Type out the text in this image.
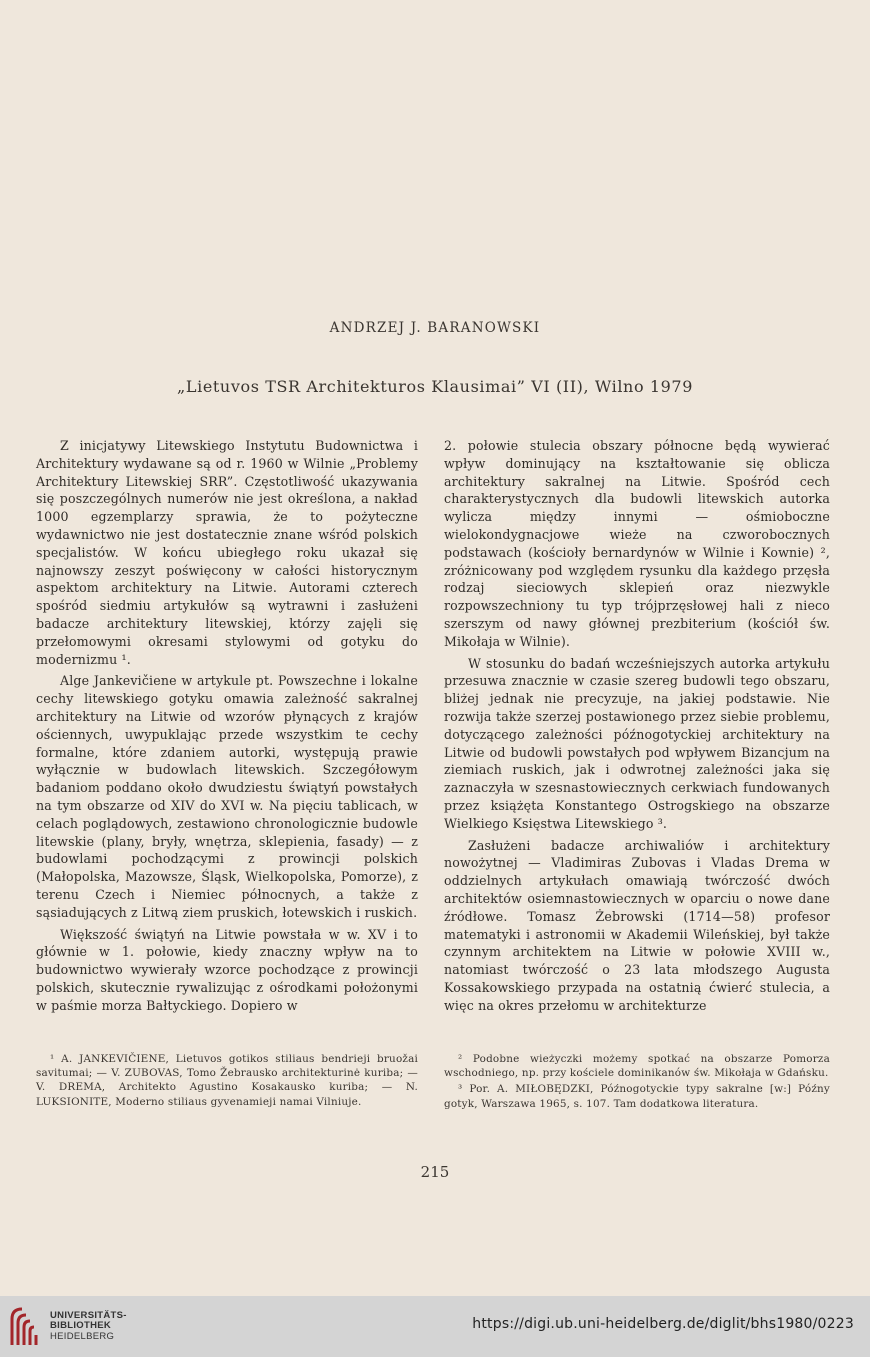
ANDRZEJ J. BARANOWSKI
„Lietuvos TSR Architekturos Klausimai” VI (II), Wilno 1979

Z inicjatywy Litewskiego Instytutu Budownictwa i Architektury wydawane są od r. 1960 w Wilnie „Problemy Architektury Litewskiej SRR”. Częstotliwość ukazywania się poszczególnych numerów nie jest określona, a nakład 1000 egzemplarzy sprawia, że to pożyteczne wydawnictwo nie jest dostatecznie znane wśród polskich specjalistów. W końcu ubiegłego roku ukazał się najnowszy zeszyt poświęcony w całości historycznym aspektom architektury na Litwie. Autorami czterech spośród siedmiu artykułów są wytrawni i zasłużeni badacze architektury litewskiej, którzy zajęli się przełomowymi okresami stylowymi od gotyku do modernizmu ¹.

Alge Jankevičiene w artykule pt. Powszechne i lokalne cechy litewskiego gotyku omawia zależność sakralnej architektury na Litwie od wzorów płynących z krajów ościennych, uwypuklając przede wszystkim te cechy formalne, które zdaniem autorki, występują prawie wyłącznie w budowlach litewskich. Szczegółowym badaniom poddano około dwudziestu świątyń powstałych na tym obszarze od XIV do XVI w. Na pięciu tablicach, w celach poglądowych, zestawiono chronologicznie budowle litewskie (plany, bryły, wnętrza, sklepienia, fasady) — z budowlami pochodzącymi z prowincji polskich (Małopolska, Mazowsze, Śląsk, Wielkopolska, Pomorze), z terenu Czech i Niemiec północnych, a także z sąsiadujących z Litwą ziem pruskich, łotewskich i ruskich.

Większość świątyń na Litwie powstała w w. XV i to głównie w 1. połowie, kiedy znaczny wpływ na to budownictwo wywierały wzorce pochodzące z prowincji polskich, skutecznie rywalizując z ośrodkami położonymi w paśmie morza Bałtyckiego. Dopiero w

2. połowie stulecia obszary północne będą wywierać wpływ dominujący na kształtowanie się oblicza architektury sakralnej na Litwie. Spośród cech charakterystycznych dla budowli litewskich autorka wylicza między innymi — ośmioboczne wielokondygnacjowe wieże na czworobocznych podstawach (kościoły bernardynów w Wilnie i Kownie) ², zróżnicowany pod względem rysunku dla każdego przęsła rodzaj sieciowych sklepień oraz niezwykle rozpowszechniony tu typ trójprzęsłowej hali z nieco szerszym od nawy głównej prezbiterium (kościół św. Mikołaja w Wilnie).

W stosunku do badań wcześniejszych autorka artykułu przesuwa znacznie w czasie szereg budowli tego obszaru, bliżej jednak nie precyzuje, na jakiej podstawie. Nie rozwija także szerzej postawionego przez siebie problemu, dotyczącego zależności późnogotyckiej architektury na Litwie od budowli powstałych pod wpływem Bizancjum na ziemiach ruskich, jak i odwrotnej zależności jaka się zaznaczyła w szesnastowiecznych cerkwiach fundowanych przez książęta Konstantego Ostrogskiego na obszarze Wielkiego Księstwa Litewskiego ³.

Zasłużeni badacze archiwaliów i architektury nowożytnej — Vladimiras Zubovas i Vladas Drema w oddzielnych artykułach omawiają twórczość dwóch architektów osiemnastowiecznych w oparciu o nowe dane źródłowe. Tomasz Żebrowski (1714—58) profesor matematyki i astronomii w Akademii Wileńskiej, był także czynnym architektem na Litwie w połowie XVIII w., natomiast twórczość o 23 lata młodszego Augusta Kossakowskiego przypada na ostatnią ćwierć stulecia, a więc na okres przełomu w architekturze

¹ A. JANKEVIČIENE, Lietuvos gotikos stiliaus bendrieji bruožai savitumai; — V. ZUBOVAS, Tomo Žebrausko architekturinė kuriba; — V. DREMA, Architekto Agustino Kosakausko kuriba; — N. LUKSIONITE, Moderno stiliaus gyvenamieji namai Vilniuje.

² Podobne wieżyczki możemy spotkać na obszarze Pomorza wschodniego, np. przy kościele dominikanów św. Mikołaja w Gdańsku.

³ Por. A. MIŁOBĘDZKI, Późnogotyckie typy sakralne [w:] Późny gotyk, Warszawa 1965, s. 107. Tam dodatkowa literatura.

215
UNIVERSITÄTS-
BIBLIOTHEK
HEIDELBERG
https://digi.ub.uni-heidelberg.de/diglit/bhs1980/0223
